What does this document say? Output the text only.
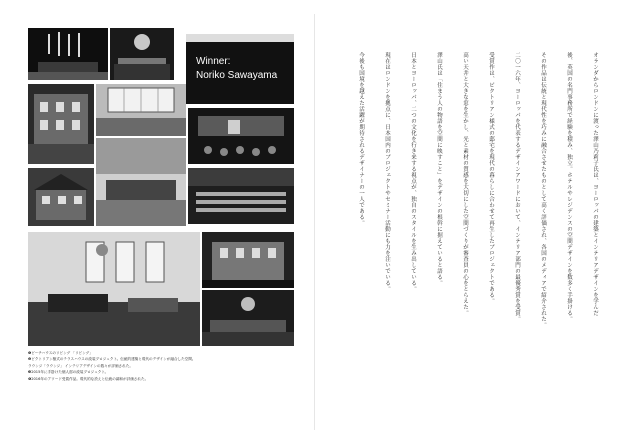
Winner:
Noriko Sawayama
❶ビーチハウスのリビング 「リビング」
❷ビクトリアン様式のテラスハウスの改装プロジェクト。伝統的建築と現代のデザインが融合した空間。
ラウンジ「ラウンジ」 インテリアデザインの数々が評価された。
❸2015年に手掛けた個人邸の改装プロジェクト。
❹2016年のアワード受賞作品。現代的な設えと伝統の調和が評価された。
オランダからロンドンに渡った澤山乃莉子氏は、ヨーロッパの建築とインテリアデザインを学んだ
後、英国の名門事務所で経験を積み、独立。ホテルやレジデンスの空間デザインを数多く手掛ける。
その作品は伝統と現代性を巧みに融合させたものとして高く評価され、各国のメディアで紹介された。
二〇一六年、ヨーロッパを代表するデザインアワードにおいて、インテリア部門の最優秀賞を受賞。
受賞作は、ビクトリアン様式の邸宅を現代の暮らしに合わせて再生したプロジェクトである。
高い天井と大きな窓を生かし、光と素材の質感を大切にした空間づくりが審査員の心をとらえた。
澤山氏は「住まう人の物語を空間に映すこと」をデザインの根幹に据えていると語る。
日本とヨーロッパ、二つの文化を行き来する視点が、独自のスタイルを生み出している。
現在はロンドンを拠点に、日本国内のプロジェクトやセミナー活動にも力を注いでいる。
今後も国境を越えた活躍が期待されるデザイナーの一人である。
